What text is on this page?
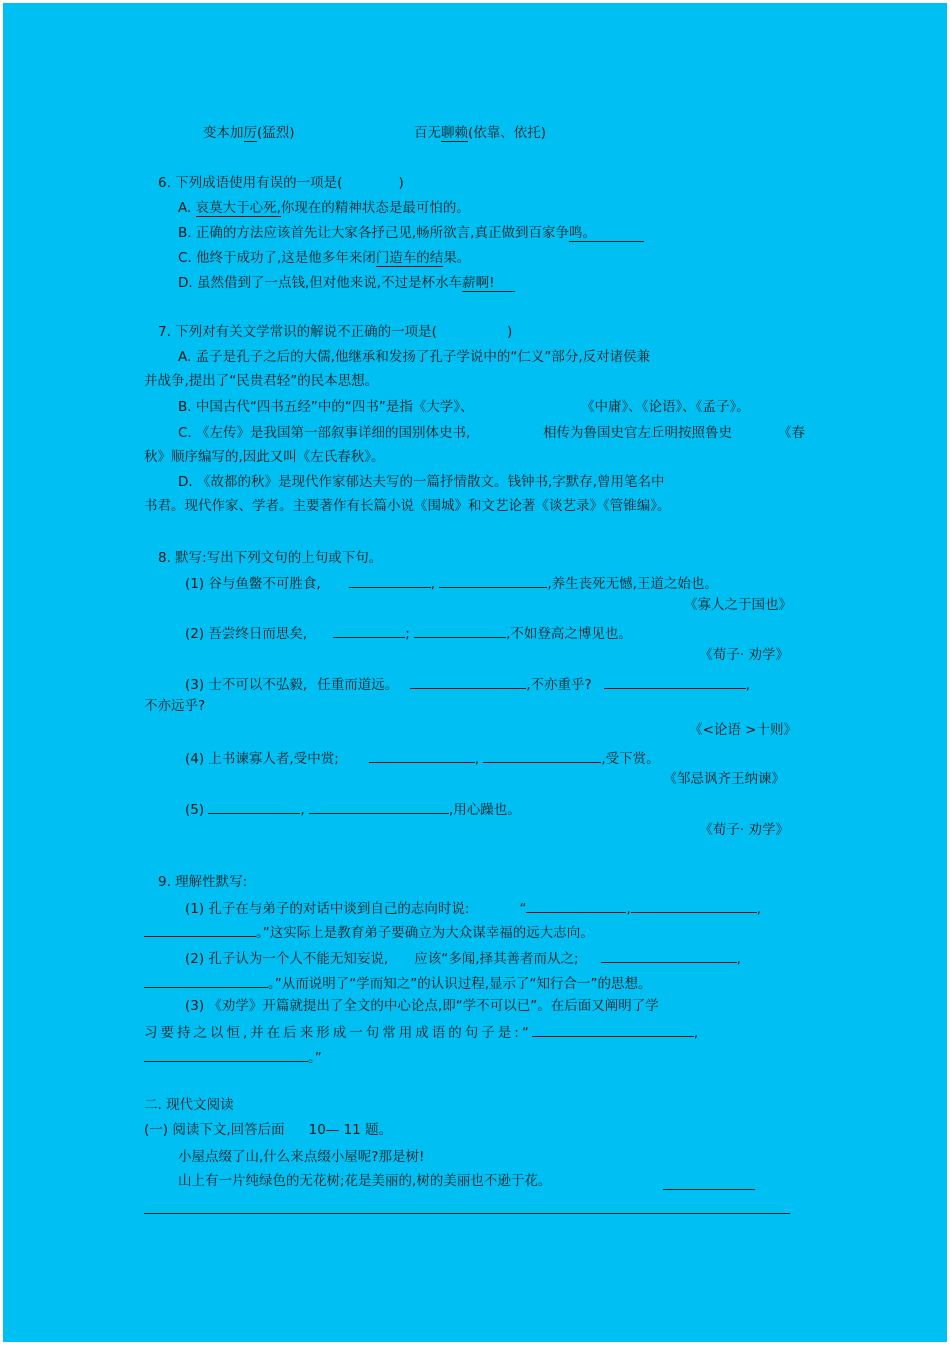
变本加厉(猛烈)	百无聊赖(依靠、依托)
6. 下列成语使用有误的一项是(	)
A. 哀莫大于心死,你现在的精神状态是最可怕的。
B. 正确的方法应该首先让大家各抒己见,畅所欲言,真正做到百家争鸣。
C. 他终于成功了,这是他多年来闭门造车的结果。
D. 虽然借到了一点钱,但对他来说,不过是杯水车薪啊!
7. 下列对有关文学常识的解说不正确的一项是(	)
A. 孟子是孔子之后的大儒,他继承和发扬了孔子学说中的“仁义”部分,反对诸侯兼
并战争,提出了“民贵君轻”的民本思想。
B. 中国古代“四书五经”中的“四书”是指《大学》、	《中庸》、《论语》、《孟子》。
C. 《左传》是我国第一部叙事详细的国别体史书,	相传为鲁国史官左丘明按照鲁史	《春
秋》顺序编写的,因此又叫《左氏春秋》。
D. 《故都的秋》是现代作家郁达夫写的一篇抒情散文。钱钟书,字默存,曾用笔名中
书君。现代作家、学者。主要著作有长篇小说《围城》和文艺论著《谈艺录》《管锥编》。
8. 默写:写出下列文句的上句或下句。
(1) 谷与鱼鳖不可胜食,	,	,养生丧死无憾,王道之始也。
《寡人之于国也》
(2) 吾尝终日而思矣,	;	,不如登高之博见也。
《荀子· 劝学》
(3) 士不可以不弘毅, 任重而道远。	,不亦重乎?	,
不亦远乎?
《<论语 >十则》
(4) 上书谏寡人者,受中赏;	,	,受下赏。
《邹忌讽齐王纳谏》
(5)	,	,用心躁也。
《荀子· 劝学》
9. 理解性默写:
(1) 孔子在与弟子的对话中谈到自己的志向时说:	“	,	,
。”这实际上是教育弟子要确立为大众谋幸福的远大志向。
(2) 孔子认为一个人不能无知妄说, 应该“多闻,择其善者而从之;	,
。”从而说明了“学而知之”的认识过程,显示了“知行合一”的思想。
(3) 《劝学》开篇就提出了全文的中心论点,即“学不可以已”。在后面又阐明了学
习要持之以恒,并在后来形成一句常用成语的句子是:“	,
。”
二. 现代文阅读
(一) 阅读下文,回答后面 10— 11 题。
小屋点缀了山,什么来点缀小屋呢?那是树!
山上有一片纯绿色的无花树;花是美丽的,树的美丽也不逊于花。
